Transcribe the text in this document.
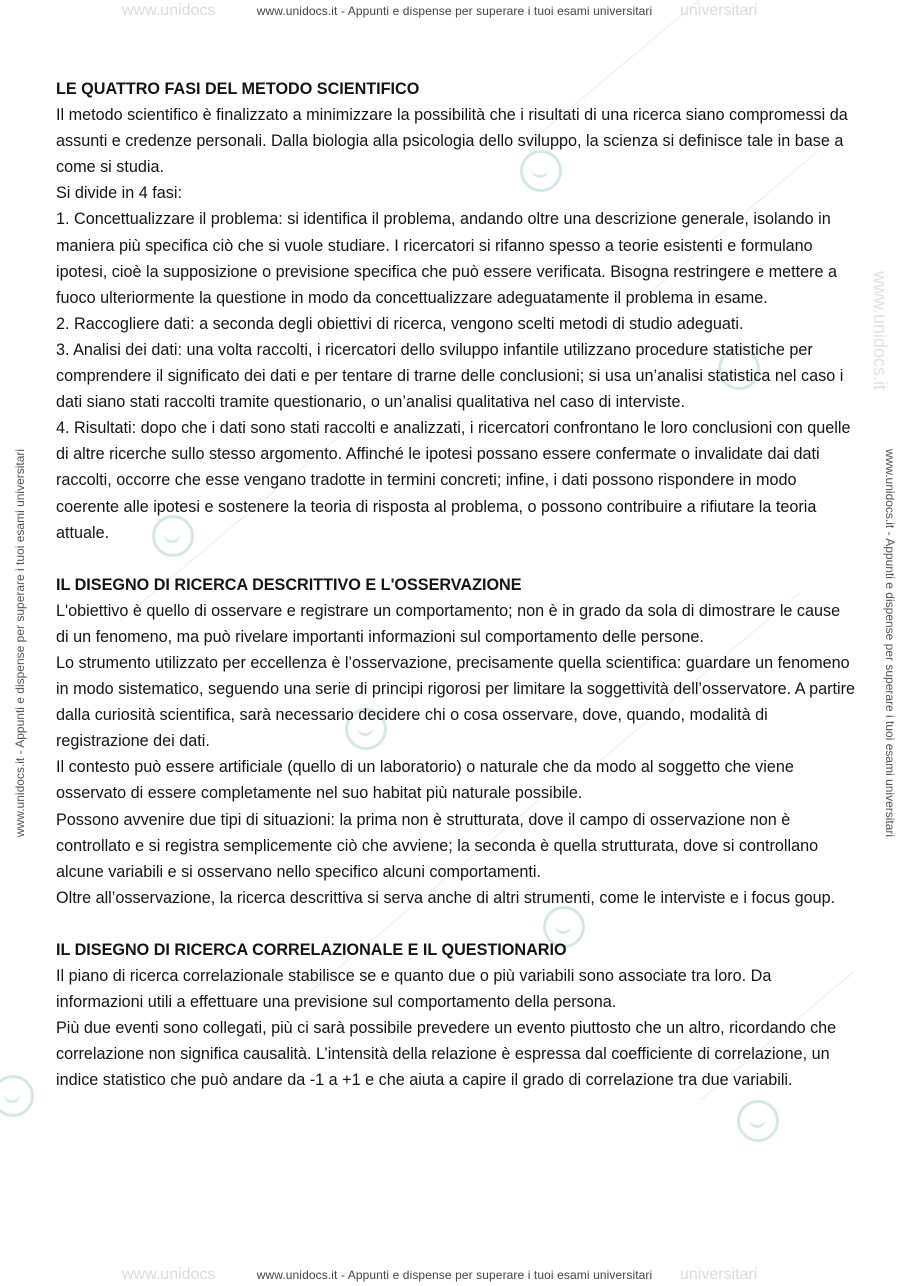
www.unidocs	universitari
www.unidocs.it - Appunti e dispense per superare i tuoi esami universitari
www.unidocs	universitari
www.unidocs.it - Appunti e dispense per superare i tuoi esami universitari
www.unidocs.it - Appunti e dispense per superare i tuoi esami universitari
www.unidocs.it
www.unidocs.it - Appunti e dispense per superare i tuoi esami universitari
LE QUATTRO FASI DEL METODO SCIENTIFICO

Il metodo scientifico è finalizzato a minimizzare la possibilità che i risultati di una ricerca siano compromessi da assunti e credenze personali. Dalla biologia alla psicologia dello sviluppo, la scienza si definisce tale in base a come si studia.

Si divide in 4 fasi:

1. Concettualizzare il problema: si identifica il problema, andando oltre una descrizione generale, isolando in maniera più specifica ciò che si vuole studiare. I ricercatori si rifanno spesso a teorie esistenti e formulano ipotesi, cioè la supposizione o previsione specifica che può essere verificata. Bisogna restringere e mettere a fuoco ulteriormente la questione in modo da concettualizzare adeguatamente il problema in esame.

2. Raccogliere dati: a seconda degli obiettivi di ricerca, vengono scelti metodi di studio adeguati.

3. Analisi dei dati: una volta raccolti, i ricercatori dello sviluppo infantile utilizzano procedure statistiche per comprendere il significato dei dati e per tentare di trarne delle conclusioni; si usa un’analisi statistica nel caso i dati siano stati raccolti tramite questionario, o un’analisi qualitativa nel caso di interviste.

4. Risultati: dopo che i dati sono stati raccolti e analizzati, i ricercatori confrontano le loro conclusioni con quelle di altre ricerche sullo stesso argomento. Affinché le ipotesi possano essere confermate o invalidate dai dati raccolti, occorre che esse vengano tradotte in termini concreti; infine, i dati possono rispondere in modo coerente alle ipotesi e sostenere la teoria di risposta al problema, o possono contribuire a rifiutare la teoria attuale.

IL DISEGNO DI RICERCA DESCRITTIVO E L'OSSERVAZIONE

L'obiettivo è quello di osservare e registrare un comportamento; non è in grado da sola di dimostrare le cause di un fenomeno, ma può rivelare importanti informazioni sul comportamento delle persone.

Lo strumento utilizzato per eccellenza è l’osservazione, precisamente quella scientifica: guardare un fenomeno in modo sistematico, seguendo una serie di principi rigorosi per limitare la soggettività dell’osservatore. A partire dalla curiosità scientifica, sarà necessario decidere chi o cosa osservare, dove, quando, modalità di registrazione dei dati.

Il contesto può essere artificiale (quello di un laboratorio) o naturale che da modo al soggetto che viene osservato di essere completamente nel suo habitat più naturale possibile.

Possono avvenire due tipi di situazioni: la prima non è strutturata, dove il campo di osservazione non è controllato e si registra semplicemente ciò che avviene; la seconda è quella strutturata, dove si controllano alcune variabili e si osservano nello specifico alcuni comportamenti.

Oltre all’osservazione, la ricerca descrittiva si serva anche di altri strumenti, come le interviste e i focus goup.

IL DISEGNO DI RICERCA CORRELAZIONALE E IL QUESTIONARIO

Il piano di ricerca correlazionale stabilisce se e quanto due o più variabili sono associate tra loro. Da informazioni utili a effettuare una previsione sul comportamento della persona.

Più due eventi sono collegati, più ci sarà possibile prevedere un evento piuttosto che un altro, ricordando che correlazione non significa causalità. L’intensità della relazione è espressa dal coefficiente di correlazione, un indice statistico che può andare da -1 a +1 e che aiuta a capire il grado di correlazione tra due variabili.
